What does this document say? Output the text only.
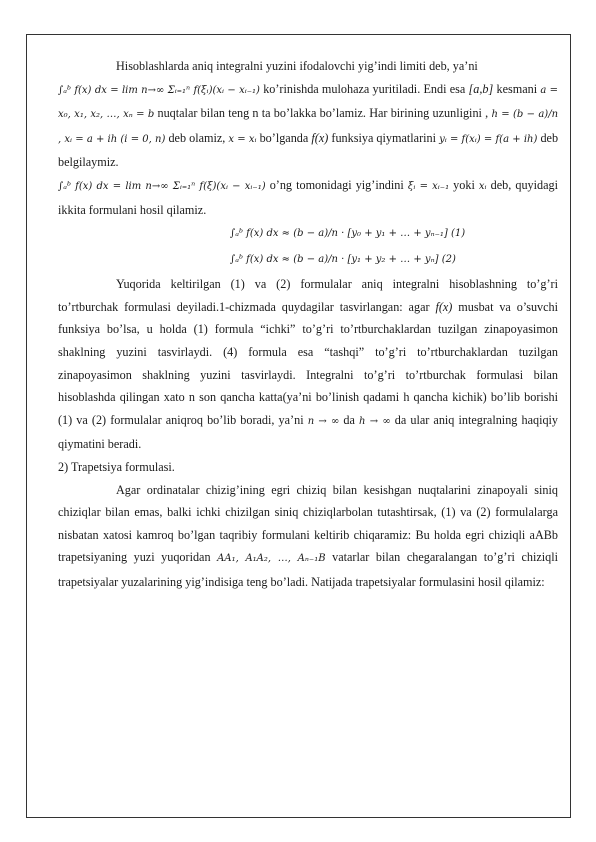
Hisoblashlarda aniq integralni yuzini ifodalovchi yig’indi limiti deb, ya’ni
∫ₐᵇ f(x) dx = lim n→∞ Σᵢ₌₁ⁿ f(ξᵢ)(xᵢ − xᵢ₋₁) ko’rinishda mulohaza yuritiladi. Endi esa [a,b] kesmani a = x₀, x₁, x₂, …, xₙ = b nuqtalar bilan teng n ta bo’lakka bo’lamiz. Har birining uzunligini , h = (b − a)/n , xᵢ = a + ih (i = 0, n) deb olamiz, x = xᵢ bo’lganda f(x) funksiya qiymatlarini yᵢ = f(xᵢ) = f(a + ih) deb belgilaymiz.
∫ₐᵇ f(x) dx = lim n→∞ Σᵢ₌₁ⁿ f(ξ)(xᵢ − xᵢ₋₁) o’ng tomonidagi yig’indini ξᵢ = xᵢ₋₁ yoki xᵢ deb, quyidagi ikkita formulani hosil qilamiz.
∫ₐᵇ f(x) dx ≈ (b − a)/n · [y₀ + y₁ + … + yₙ₋₁] (1)
∫ₐᵇ f(x) dx ≈ (b − a)/n · [y₁ + y₂ + … + yₙ] (2)
Yuqorida keltirilgan (1) va (2) formulalar aniq integralni hisoblashning to’g’ri to’rtburchak formulasi deyiladi.1-chizmada quydagilar tasvirlangan: agar f(x) musbat va o’suvchi funksiya bo’lsa, u holda (1) formula “ichki” to’g’ri to’rtburchaklardan tuzilgan zinapoyasimon shaklning yuzini tasvirlaydi. (4) formula esa “tashqi” to’g’ri to’rtburchaklardan tuzilgan zinapoyasimon shaklning yuzini tasvirlaydi. Integralni to’g’ri to’rtburchak formulasi bilan hisoblashda qilingan xato n son qancha katta(ya’ni bo’linish qadami h qancha kichik) bo’lib borishi (1) va (2) formulalar aniqroq bo’lib boradi, ya’ni n → ∞ da h → ∞ da ular aniq integralning haqiqiy qiymatini beradi.
2) Trapetsiya formulasi.
Agar ordinatalar chizig’ining egri chiziq bilan kesishgan nuqtalarini zinapoyali siniq chiziqlar bilan emas, balki ichki chizilgan siniq chiziqlarbolan tutashtirsak, (1) va (2) formulalarga nisbatan xatosi kamroq bo’lgan taqribiy formulani keltirib chiqaramiz: Bu holda egri chiziqli aABb trapetsiyaning yuzi yuqoridan AA₁, A₁A₂, …, Aₙ₋₁B vatarlar bilan chegaralangan to’g’ri chiziqli trapetsiyalar yuzalarining yig’indisiga teng bo’ladi. Natijada trapetsiyalar formulasini hosil qilamiz:
